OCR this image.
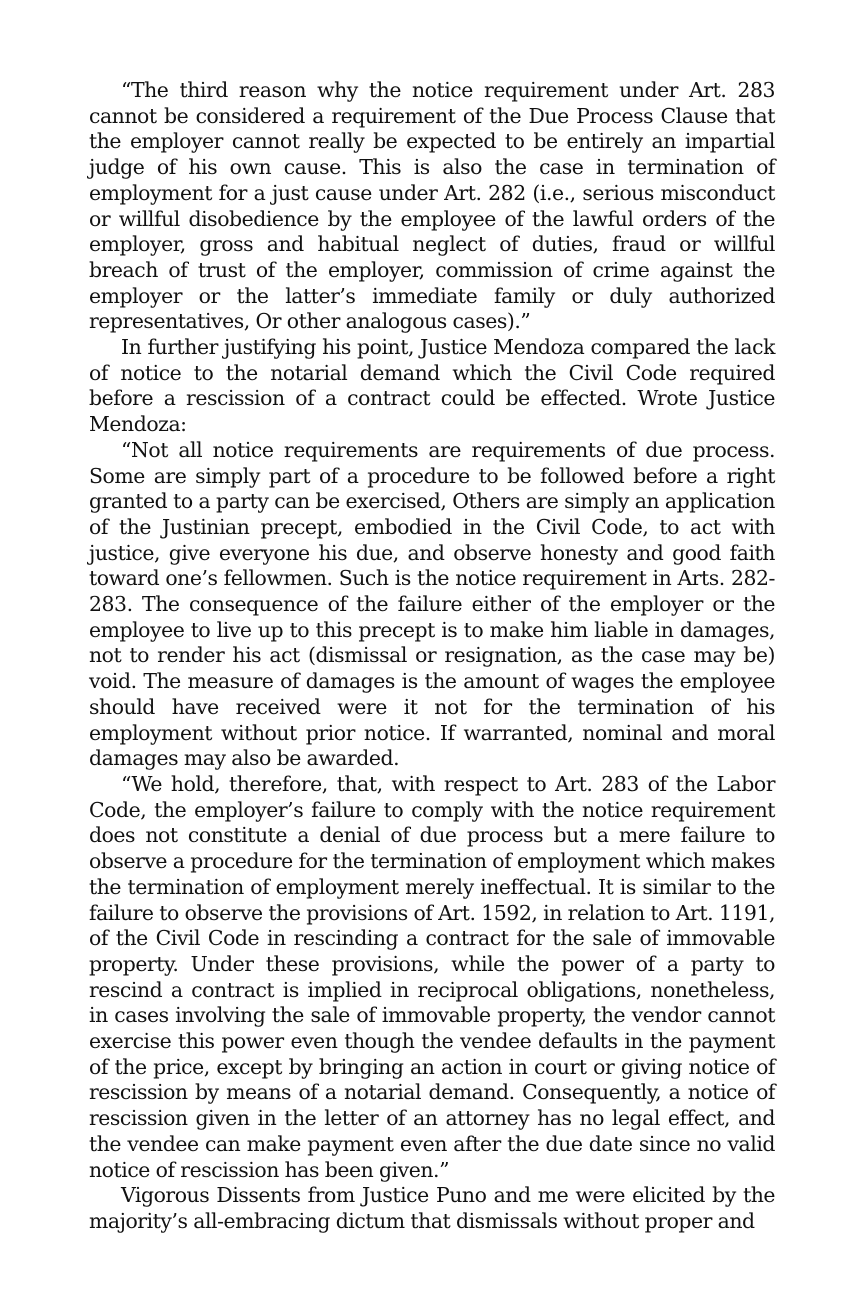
“The third reason why the notice requirement under Art. 283 cannot be considered a requirement of the Due Process Clause that the employer cannot really be expected to be entirely an impartial judge of his own cause. This is also the case in termination of employment for a just cause under Art. 282 (i.e., serious misconduct or willful disobedience by the employee of the lawful orders of the employer, gross and habitual neglect of duties, fraud or willful breach of trust of the employer, commission of crime against the employer or the latter’s immediate family or duly authorized representatives, Or other analogous cases).”

In further justifying his point, Justice Mendoza compared the lack of notice to the notarial demand which the Civil Code required before a rescission of a contract could be effected. Wrote Justice Mendoza:

“Not all notice requirements are requirements of due process. Some are simply part of a procedure to be followed before a right granted to a party can be exercised, Others are simply an application of the Justinian precept, embodied in the Civil Code, to act with justice, give everyone his due, and observe honesty and good faith toward one’s fellowmen. Such is the notice requirement in Arts. 282-283. The consequence of the failure either of the employer or the employee to live up to this precept is to make him liable in damages, not to render his act (dismissal or resignation, as the case may be) void. The measure of damages is the amount of wages the employee should have received were it not for the termination of his employment without prior notice. If warranted, nominal and moral damages may also be awarded.

“We hold, therefore, that, with respect to Art. 283 of the Labor Code, the employer’s failure to comply with the notice requirement does not constitute a denial of due process but a mere failure to observe a procedure for the termination of employment which makes the termination of employment merely ineffectual. It is similar to the failure to observe the provisions of Art. 1592, in relation to Art. 1191, of the Civil Code in rescinding a contract for the sale of immovable property. Under these provisions, while the power of a party to rescind a contract is implied in reciprocal obligations, nonetheless, in cases involving the sale of immovable property, the vendor cannot exercise this power even though the vendee defaults in the payment of the price, except by bringing an action in court or giving notice of rescission by means of a notarial demand. Consequently, a notice of rescission given in the letter of an attorney has no legal effect, and the vendee can make payment even after the due date since no valid notice of rescission has been given.”

Vigorous Dissents from Justice Puno and me were elicited by the majority’s all-embracing dictum that dismissals without proper and
